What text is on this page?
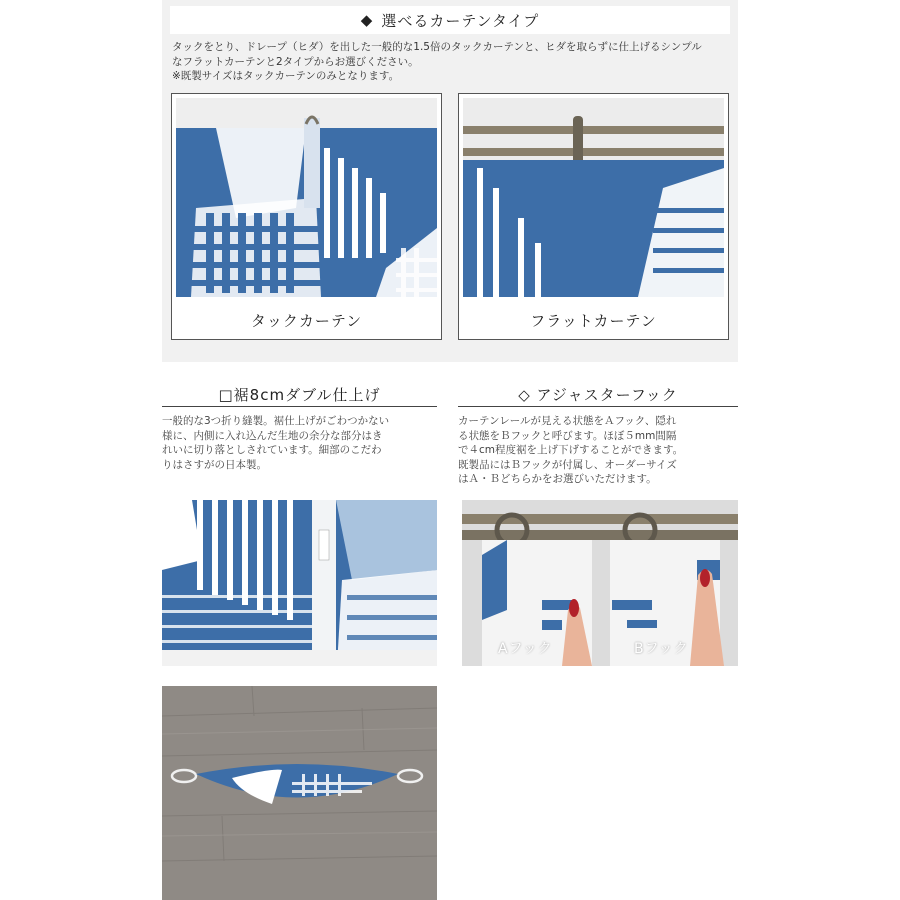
◆ 選べるカーテンタイプ

タックをとり、ドレープ（ヒダ）を出した一般的な1.5倍のタックカーテンと、ヒダを取らずに仕上げるシンプル

なフラットカーテンと2タイプからお選びください。

※既製サイズはタックカーテンのみとなります。

タックカーテン	フラットカーテン
□裾8cmダブル仕上げ

一般的な3つ折り縫製。裾仕上げがごわつかない

様に、内側に入れ込んだ生地の余分な部分はき

れいに切り落としされています。細部のこだわ

りはさすがの日本製。

◇ アジャスターフック

カーテンレールが見える状態をＡフック、隠れ

る状態をＢフックと呼びます。ほぼ５mm間隔

で４cm程度裾を上げ下げすることができます。

既製品にはＢフックが付属し、オーダーサイズ

はＡ・Ｂどちらかをお選びいただけます。

Aフック	Bフック
